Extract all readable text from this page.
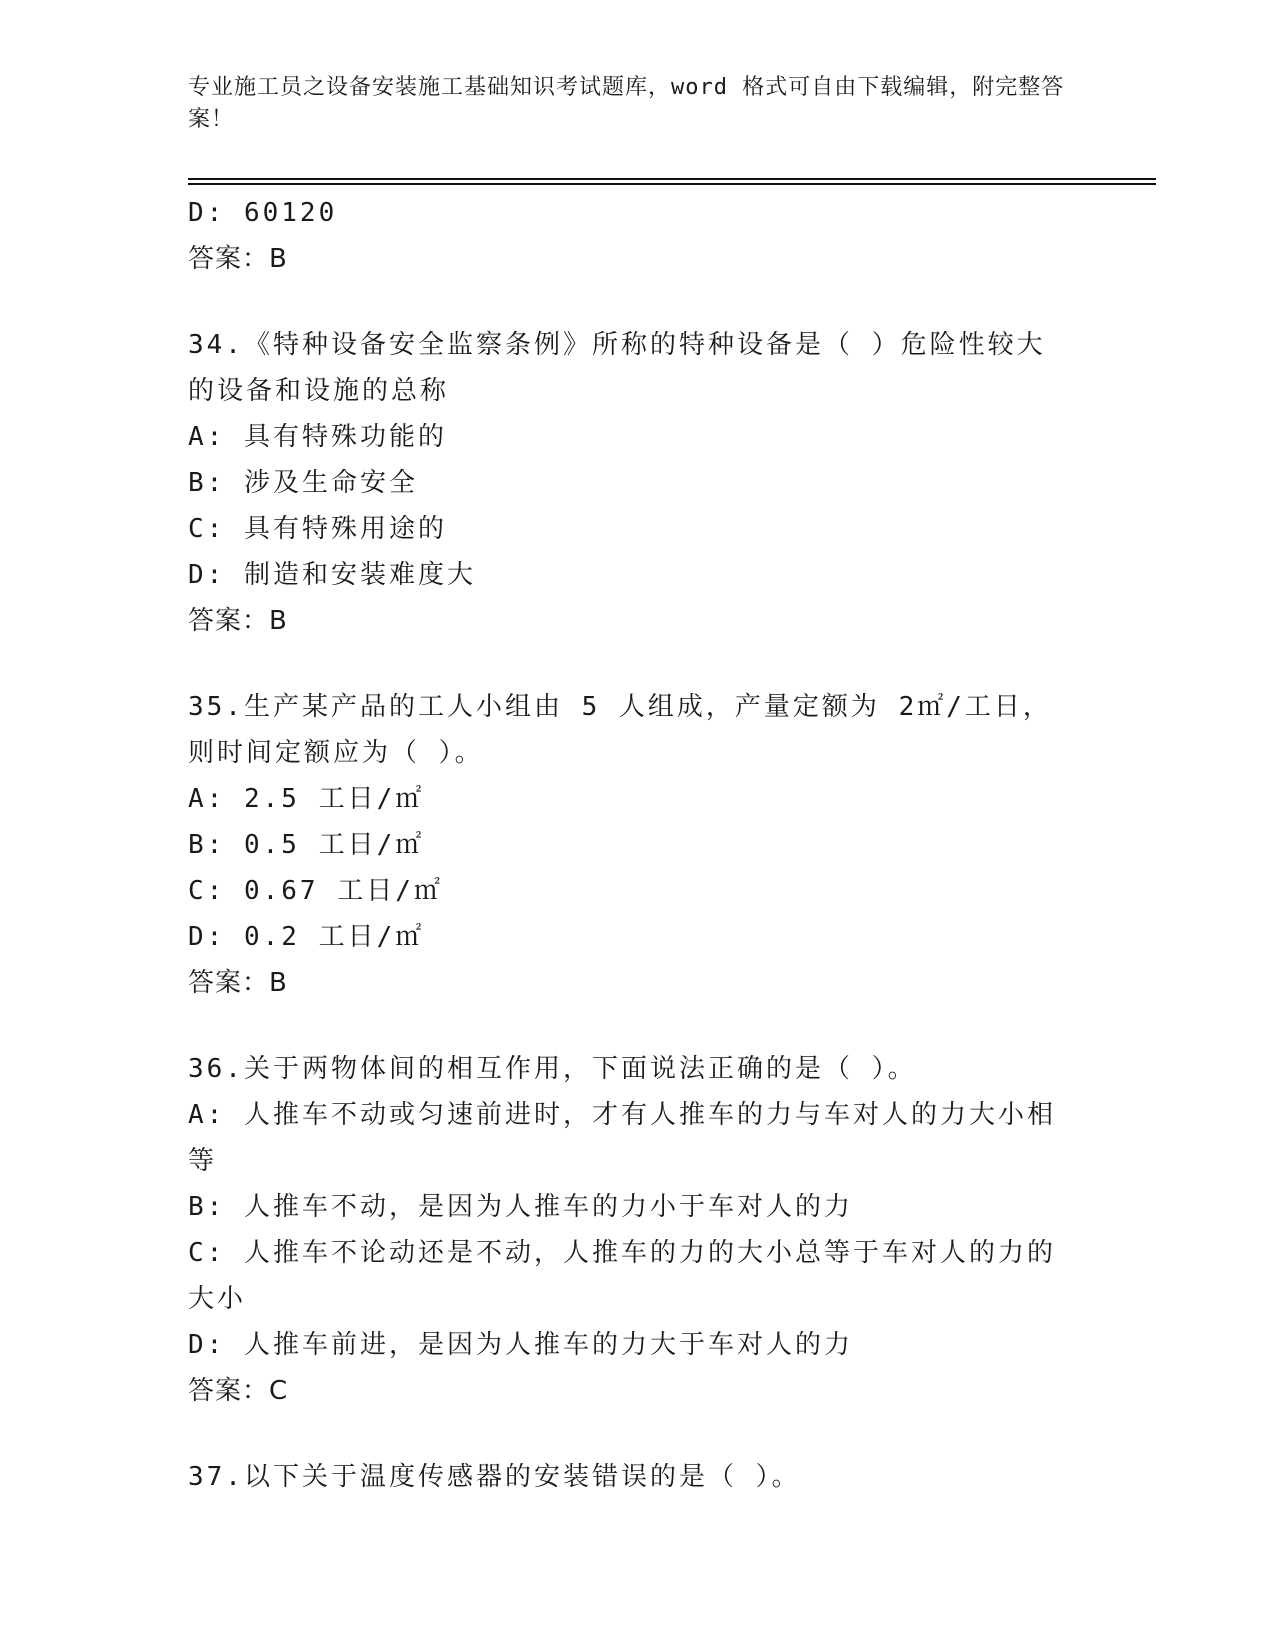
专业施工员之设备安装施工基础知识考试题库，word 格式可自由下载编辑，附完整答案！
D: 60120
答案：B
34.《特种设备安全监察条例》所称的特种设备是（ ）危险性较大的设备和设施的总称
A: 具有特殊功能的
B: 涉及生命安全
C: 具有特殊用途的
D: 制造和安装难度大
答案：B
35.生产某产品的工人小组由 5 人组成，产量定额为 2㎡/工日，则时间定额应为（ ）。
A: 2.5 工日/㎡
B: 0.5 工日/㎡
C: 0.67 工日/㎡
D: 0.2 工日/㎡
答案：B
36.关于两物体间的相互作用，下面说法正确的是（ ）。
A: 人推车不动或匀速前进时，才有人推车的力与车对人的力大小相等
B: 人推车不动，是因为人推车的力小于车对人的力
C: 人推车不论动还是不动，人推车的力的大小总等于车对人的力的大小
D: 人推车前进，是因为人推车的力大于车对人的力
答案：C
37.以下关于温度传感器的安装错误的是（ ）。
